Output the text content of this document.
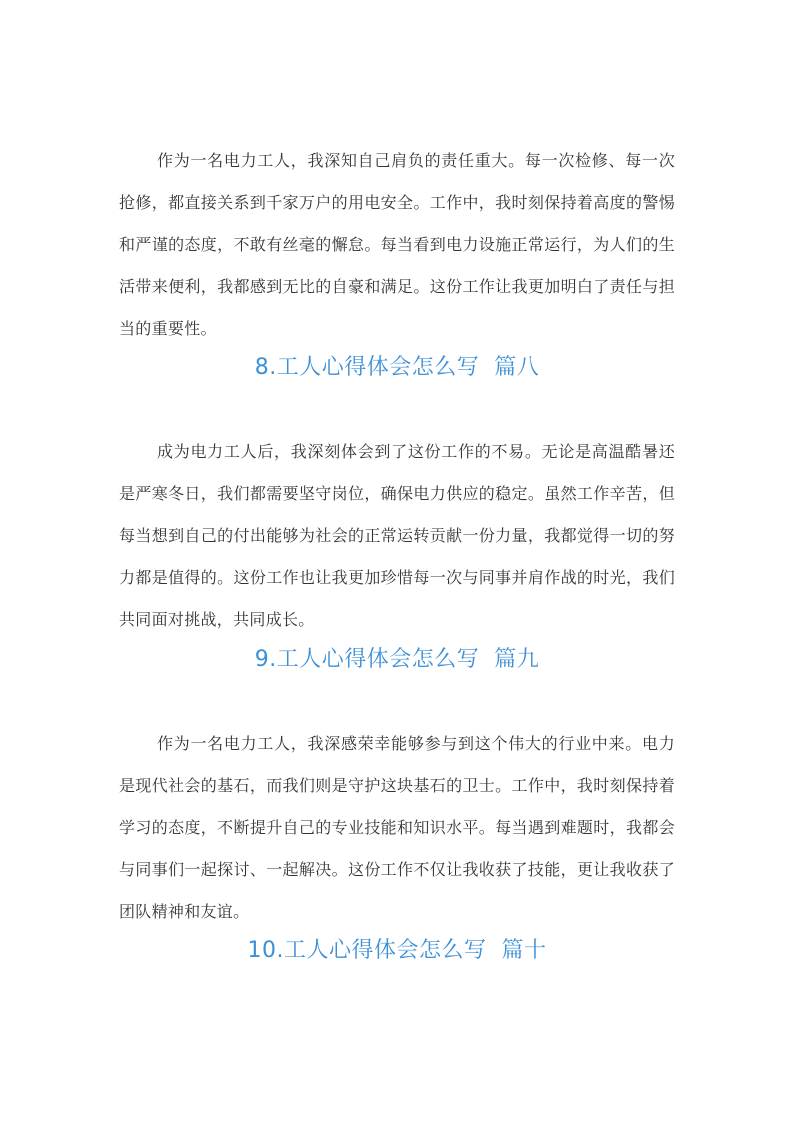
作为一名电力工人，我深知自己肩负的责任重大。每一次检修、每一次抢修，都直接关系到千家万户的用电安全。工作中，我时刻保持着高度的警惕和严谨的态度，不敢有丝毫的懈怠。每当看到电力设施正常运行，为人们的生活带来便利，我都感到无比的自豪和满足。这份工作让我更加明白了责任与担当的重要性。

8.工人心得体会怎么写  篇八

成为电力工人后，我深刻体会到了这份工作的不易。无论是高温酷暑还是严寒冬日，我们都需要坚守岗位，确保电力供应的稳定。虽然工作辛苦，但每当想到自己的付出能够为社会的正常运转贡献一份力量，我都觉得一切的努力都是值得的。这份工作也让我更加珍惜每一次与同事并肩作战的时光，我们共同面对挑战，共同成长。

9.工人心得体会怎么写  篇九

作为一名电力工人，我深感荣幸能够参与到这个伟大的行业中来。电力是现代社会的基石，而我们则是守护这块基石的卫士。工作中，我时刻保持着学习的态度，不断提升自己的专业技能和知识水平。每当遇到难题时，我都会与同事们一起探讨、一起解决。这份工作不仅让我收获了技能，更让我收获了团队精神和友谊。

10.工人心得体会怎么写  篇十
